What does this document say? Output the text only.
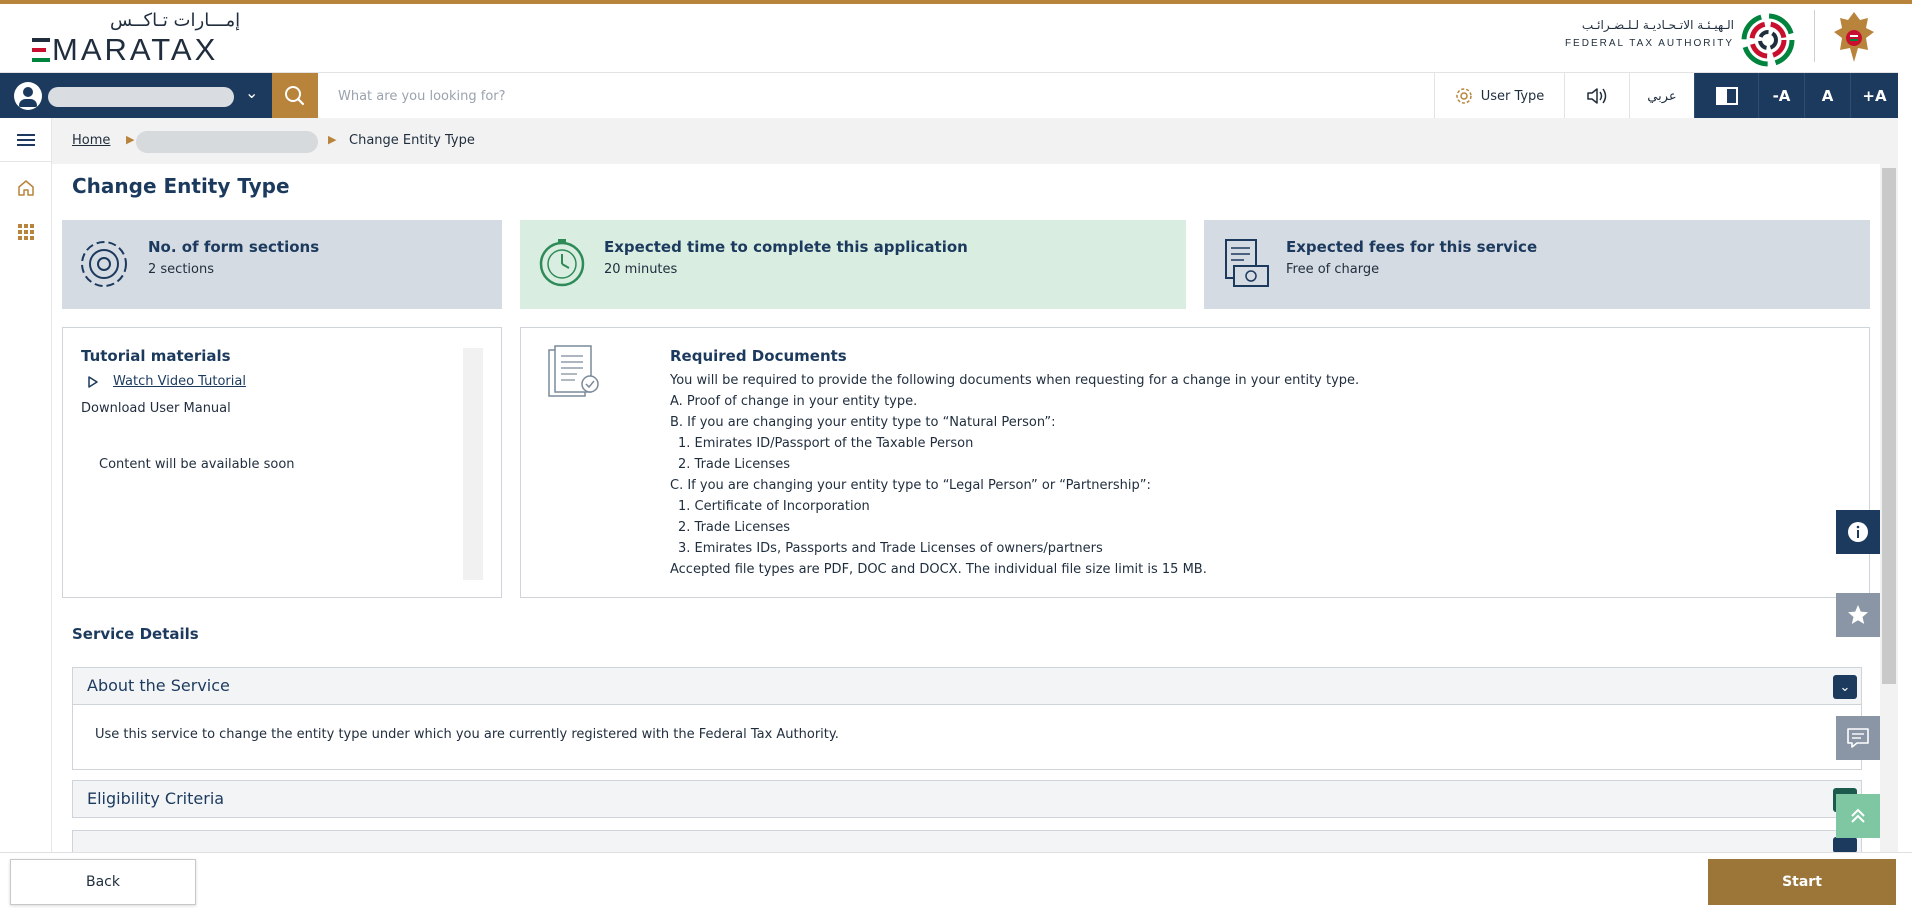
إمـــارات تـاكــس
MARATAX
الـهيـئـة الاتـحـاديـة لـلـضـرائـب
FEDERAL TAX AUTHORITY
⌄
What are you looking for?	User Type	عربي	-A A +A
Home ▶	▶ Change Entity Type
Change Entity Type
No. of form sections
2 sections
Expected time to complete this application
20 minutes
Expected fees for this service
Free of charge
Tutorial materials
Watch Video Tutorial
Download User Manual
Content will be available soon
Required Documents
You will be required to provide the following documents when requesting for a change in your entity type.
A. Proof of change in your entity type.
B. If you are changing your entity type to “Natural Person”:
1. Emirates ID/Passport of the Taxable Person
2. Trade Licenses
C. If you are changing your entity type to “Legal Person” or “Partnership”:
1. Certificate of Incorporation
2. Trade Licenses
3. Emirates IDs, Passports and Trade Licenses of owners/partners
Accepted file types are PDF, DOC and DOCX. The individual file size limit is 15 MB.
Service Details
About the Service	⌄
Use this service to change the entity type under which you are currently registered with the Federal Tax Authority.
Eligibility Criteria
Back	Start
